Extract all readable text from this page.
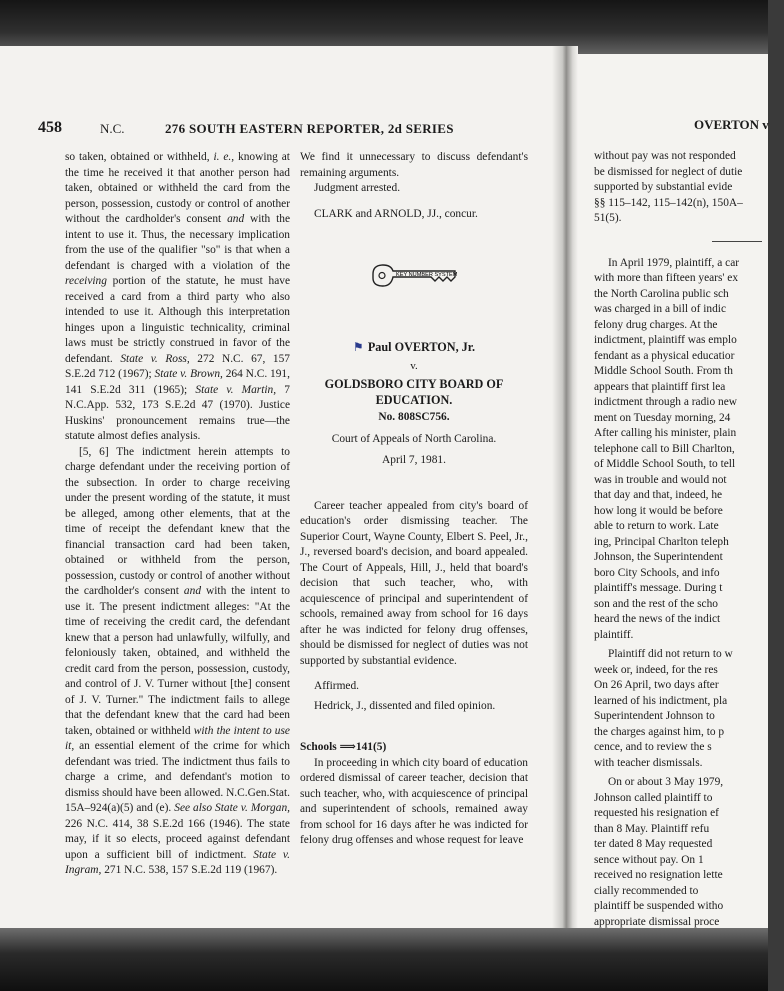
OVERTON v
without pay was not responded
be dismissed for neglect of dutie
supported by substantial evide
§§ 115–142, 115–142(n), 150A–
51(5).
In April 1979, plaintiff, a car
with more than fifteen years' ex
the North Carolina public sch
was charged in a bill of indic
felony drug charges. At the
indictment, plaintiff was emplo
fendant as a physical educatior
Middle School South. From th
appears that plaintiff first lea
indictment through a radio new
ment on Tuesday morning, 24
After calling his minister, plain
telephone call to Bill Charlton,
of Middle School South, to tell
was in trouble and would not
that day and that, indeed, he
how long it would be before
able to return to work. Late
ing, Principal Charlton teleph
Johnson, the Superintendent
boro City Schools, and info
plaintiff's message. During t
son and the rest of the scho
heard the news of the indict
plaintiff.
Plaintiff did not return to w
week or, indeed, for the res
On 26 April, two days after
learned of his indictment, pla
Superintendent Johnson to
the charges against him, to p
cence, and to review the s
with teacher dismissals.
On or about 3 May 1979,
Johnson called plaintiff to
requested his resignation ef
than 8 May. Plaintiff refu
ter dated 8 May requested
sence without pay. On 1
received no resignation lette
cially recommended to
plaintiff be suspended witho
appropriate dismissal proce
458	N.C.	276 SOUTH EASTERN REPORTER, 2d SERIES

so taken, obtained or withheld, i. e., knowing at the time he received it that another person had taken, obtained or withheld the card from the person, possession, custody or control of another without the cardholder's consent and with the intent to use it. Thus, the necessary implication from the use of the qualifier "so" is that when a defendant is charged with a violation of the receiving portion of the statute, he must have received a card from a third party who also intended to use it. Although this interpretation hinges upon a linguistic technicality, criminal laws must be strictly construed in favor of the defendant. State v. Ross, 272 N.C. 67, 157 S.E.2d 712 (1967); State v. Brown, 264 N.C. 191, 141 S.E.2d 311 (1965); State v. Martin, 7 N.C.App. 532, 173 S.E.2d 47 (1970). Justice Huskins' pronouncement remains true—the statute almost defies analysis.

[5, 6] The indictment herein attempts to charge defendant under the receiving portion of the subsection. In order to charge receiving under the present wording of the statute, it must be alleged, among other elements, that at the time of receipt the defendant knew that the financial transaction card had been taken, obtained or withheld from the person, possession, custody or control of another without the cardholder's consent and with the intent to use it. The present indictment alleges: "At the time of receiving the credit card, the defendant knew that a person had unlawfully, wilfully, and feloniously taken, obtained, and withheld the credit card from the person, possession, custody, and control of J. V. Turner without [the] consent of J. V. Turner." The indictment fails to allege that the defendant knew that the card had been taken, obtained or withheld with the intent to use it, an essential element of the crime for which defendant was tried. The indictment thus fails to charge a crime, and defendant's motion to dismiss should have been allowed. N.C.Gen.Stat. 15A–924(a)(5) and (e). See also State v. Morgan, 226 N.C. 414, 38 S.E.2d 166 (1946). The state may, if it so elects, proceed against defendant upon a sufficient bill of indictment. State v. Ingram, 271 N.C. 538, 157 S.E.2d 119 (1967).

We find it unnecessary to discuss defendant's remaining arguments.

Judgment arrested.

CLARK and ARNOLD, JJ., concur.

KEY NUMBER SYSTEM
⚑ Paul OVERTON, Jr.
v.
GOLDSBORO CITY BOARD OF EDUCATION.
No. 808SC756.
Court of Appeals of North Carolina.
April 7, 1981.

Career teacher appealed from city's board of education's order dismissing teacher. The Superior Court, Wayne County, Elbert S. Peel, Jr., J., reversed board's decision, and board appealed. The Court of Appeals, Hill, J., held that board's decision that such teacher, who, with acquiescence of principal and superintendent of schools, remained away from school for 16 days after he was indicted for felony drug offenses, should be dismissed for neglect of duties was not supported by substantial evidence.

Affirmed.

Hedrick, J., dissented and filed opinion.

Schools ⟹141(5)

In proceeding in which city board of education ordered dismissal of career teacher, decision that such teacher, who, with acquiescence of principal and superintendent of schools, remained away from school for 16 days after he was indicted for felony drug offenses and whose request for leave
